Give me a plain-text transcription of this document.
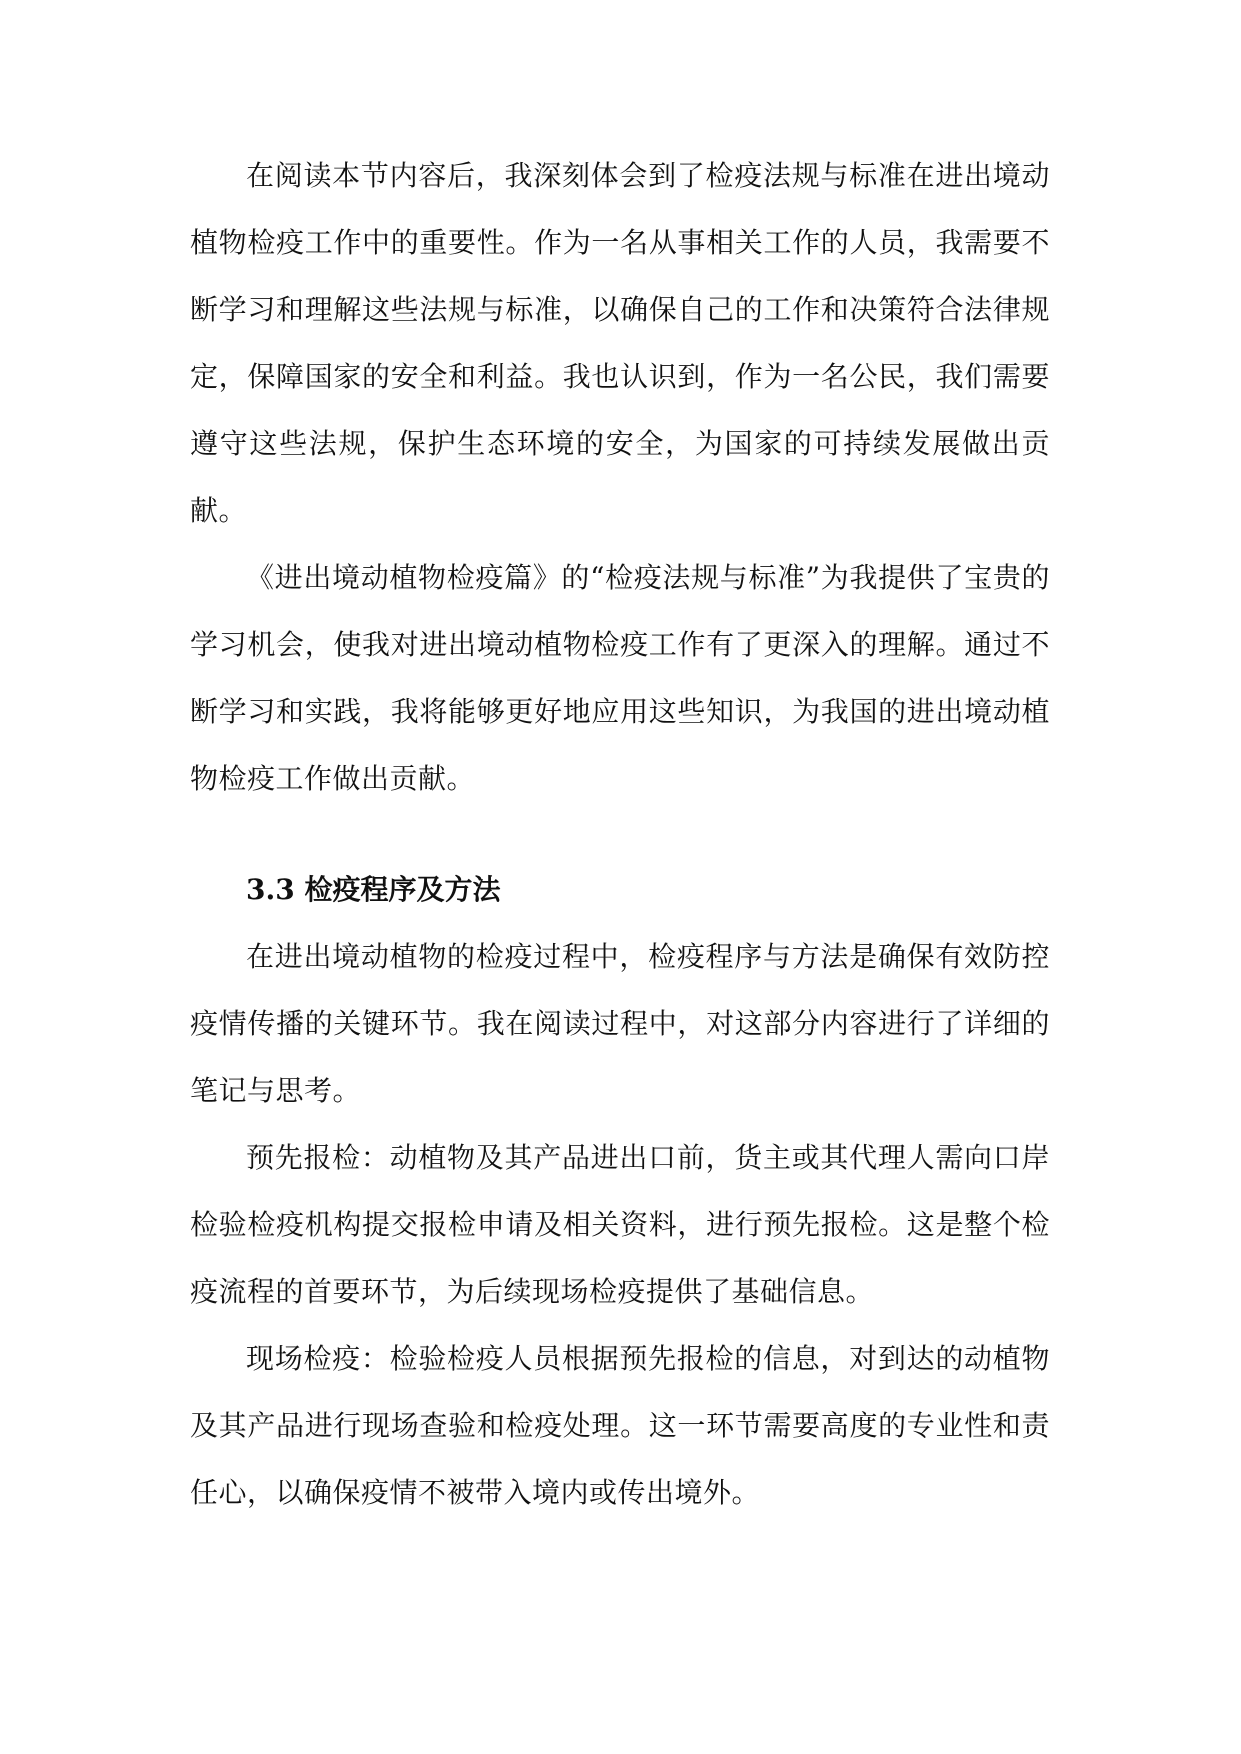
在阅读本节内容后，我深刻体会到了检疫法规与标准在进出境动植物检疫工作中的重要性。作为一名从事相关工作的人员，我需要不断学习和理解这些法规与标准，以确保自己的工作和决策符合法律规定，保障国家的安全和利益。我也认识到，作为一名公民，我们需要遵守这些法规，保护生态环境的安全，为国家的可持续发展做出贡献。

《进出境动植物检疫篇》的“检疫法规与标准”为我提供了宝贵的学习机会，使我对进出境动植物检疫工作有了更深入的理解。通过不断学习和实践，我将能够更好地应用这些知识，为我国的进出境动植物检疫工作做出贡献。

3.3 检疫程序及方法

在进出境动植物的检疫过程中，检疫程序与方法是确保有效防控疫情传播的关键环节。我在阅读过程中，对这部分内容进行了详细的笔记与思考。

预先报检：动植物及其产品进出口前，货主或其代理人需向口岸检验检疫机构提交报检申请及相关资料，进行预先报检。这是整个检疫流程的首要环节，为后续现场检疫提供了基础信息。

现场检疫：检验检疫人员根据预先报检的信息，对到达的动植物及其产品进行现场查验和检疫处理。这一环节需要高度的专业性和责任心，以确保疫情不被带入境内或传出境外。
